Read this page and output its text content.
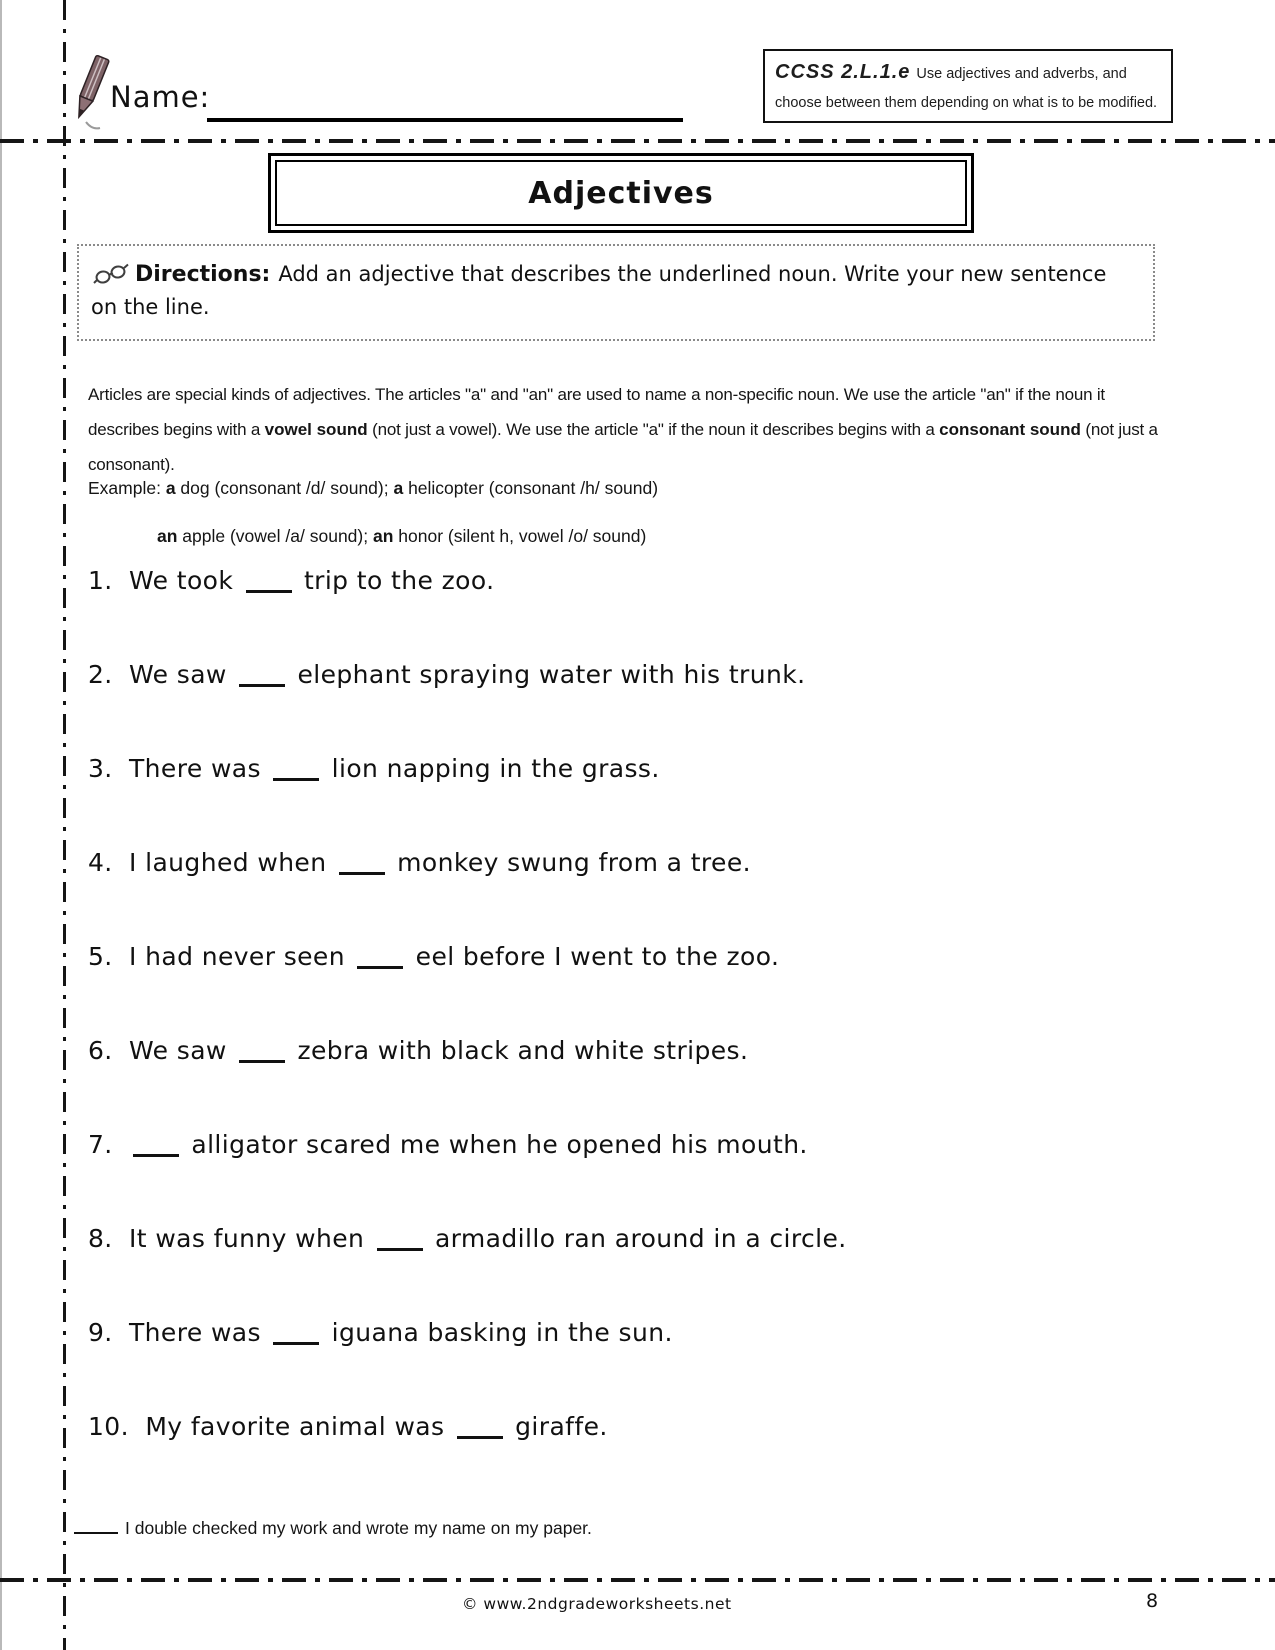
Name:
CCSS 2.L.1.e Use adjectives and adverbs, and choose between them depending on what is to be modified.
Adjectives
Directions: Add an adjective that describes the underlined noun. Write your new sentence on the line.

Articles are special kinds of adjectives. The articles "a" and "an" are used to name a non-specific noun. We use the article "an" if the noun it describes begins with a vowel sound (not just a vowel). We use the article "a" if the noun it describes begins with a consonant sound (not just a consonant).

Example: a dog (consonant /d/ sound); a helicopter (consonant /h/ sound)
an apple (vowel /a/ sound); an honor (silent h, vowel /o/ sound)
1. We took  trip to the zoo.
2. We saw  elephant spraying water with his trunk.
3. There was  lion napping in the grass.
4. I laughed when  monkey swung from a tree.
5. I had never seen  eel before I went to the zoo.
6. We saw  zebra with black and white stripes.
7.  alligator scared me when he opened his mouth.
8. It was funny when  armadillo ran around in a circle.
9. There was  iguana basking in the sun.
10. My favorite animal was  giraffe.
I double checked my work and wrote my name on my paper.
© www.2ndgradeworksheets.net	8
